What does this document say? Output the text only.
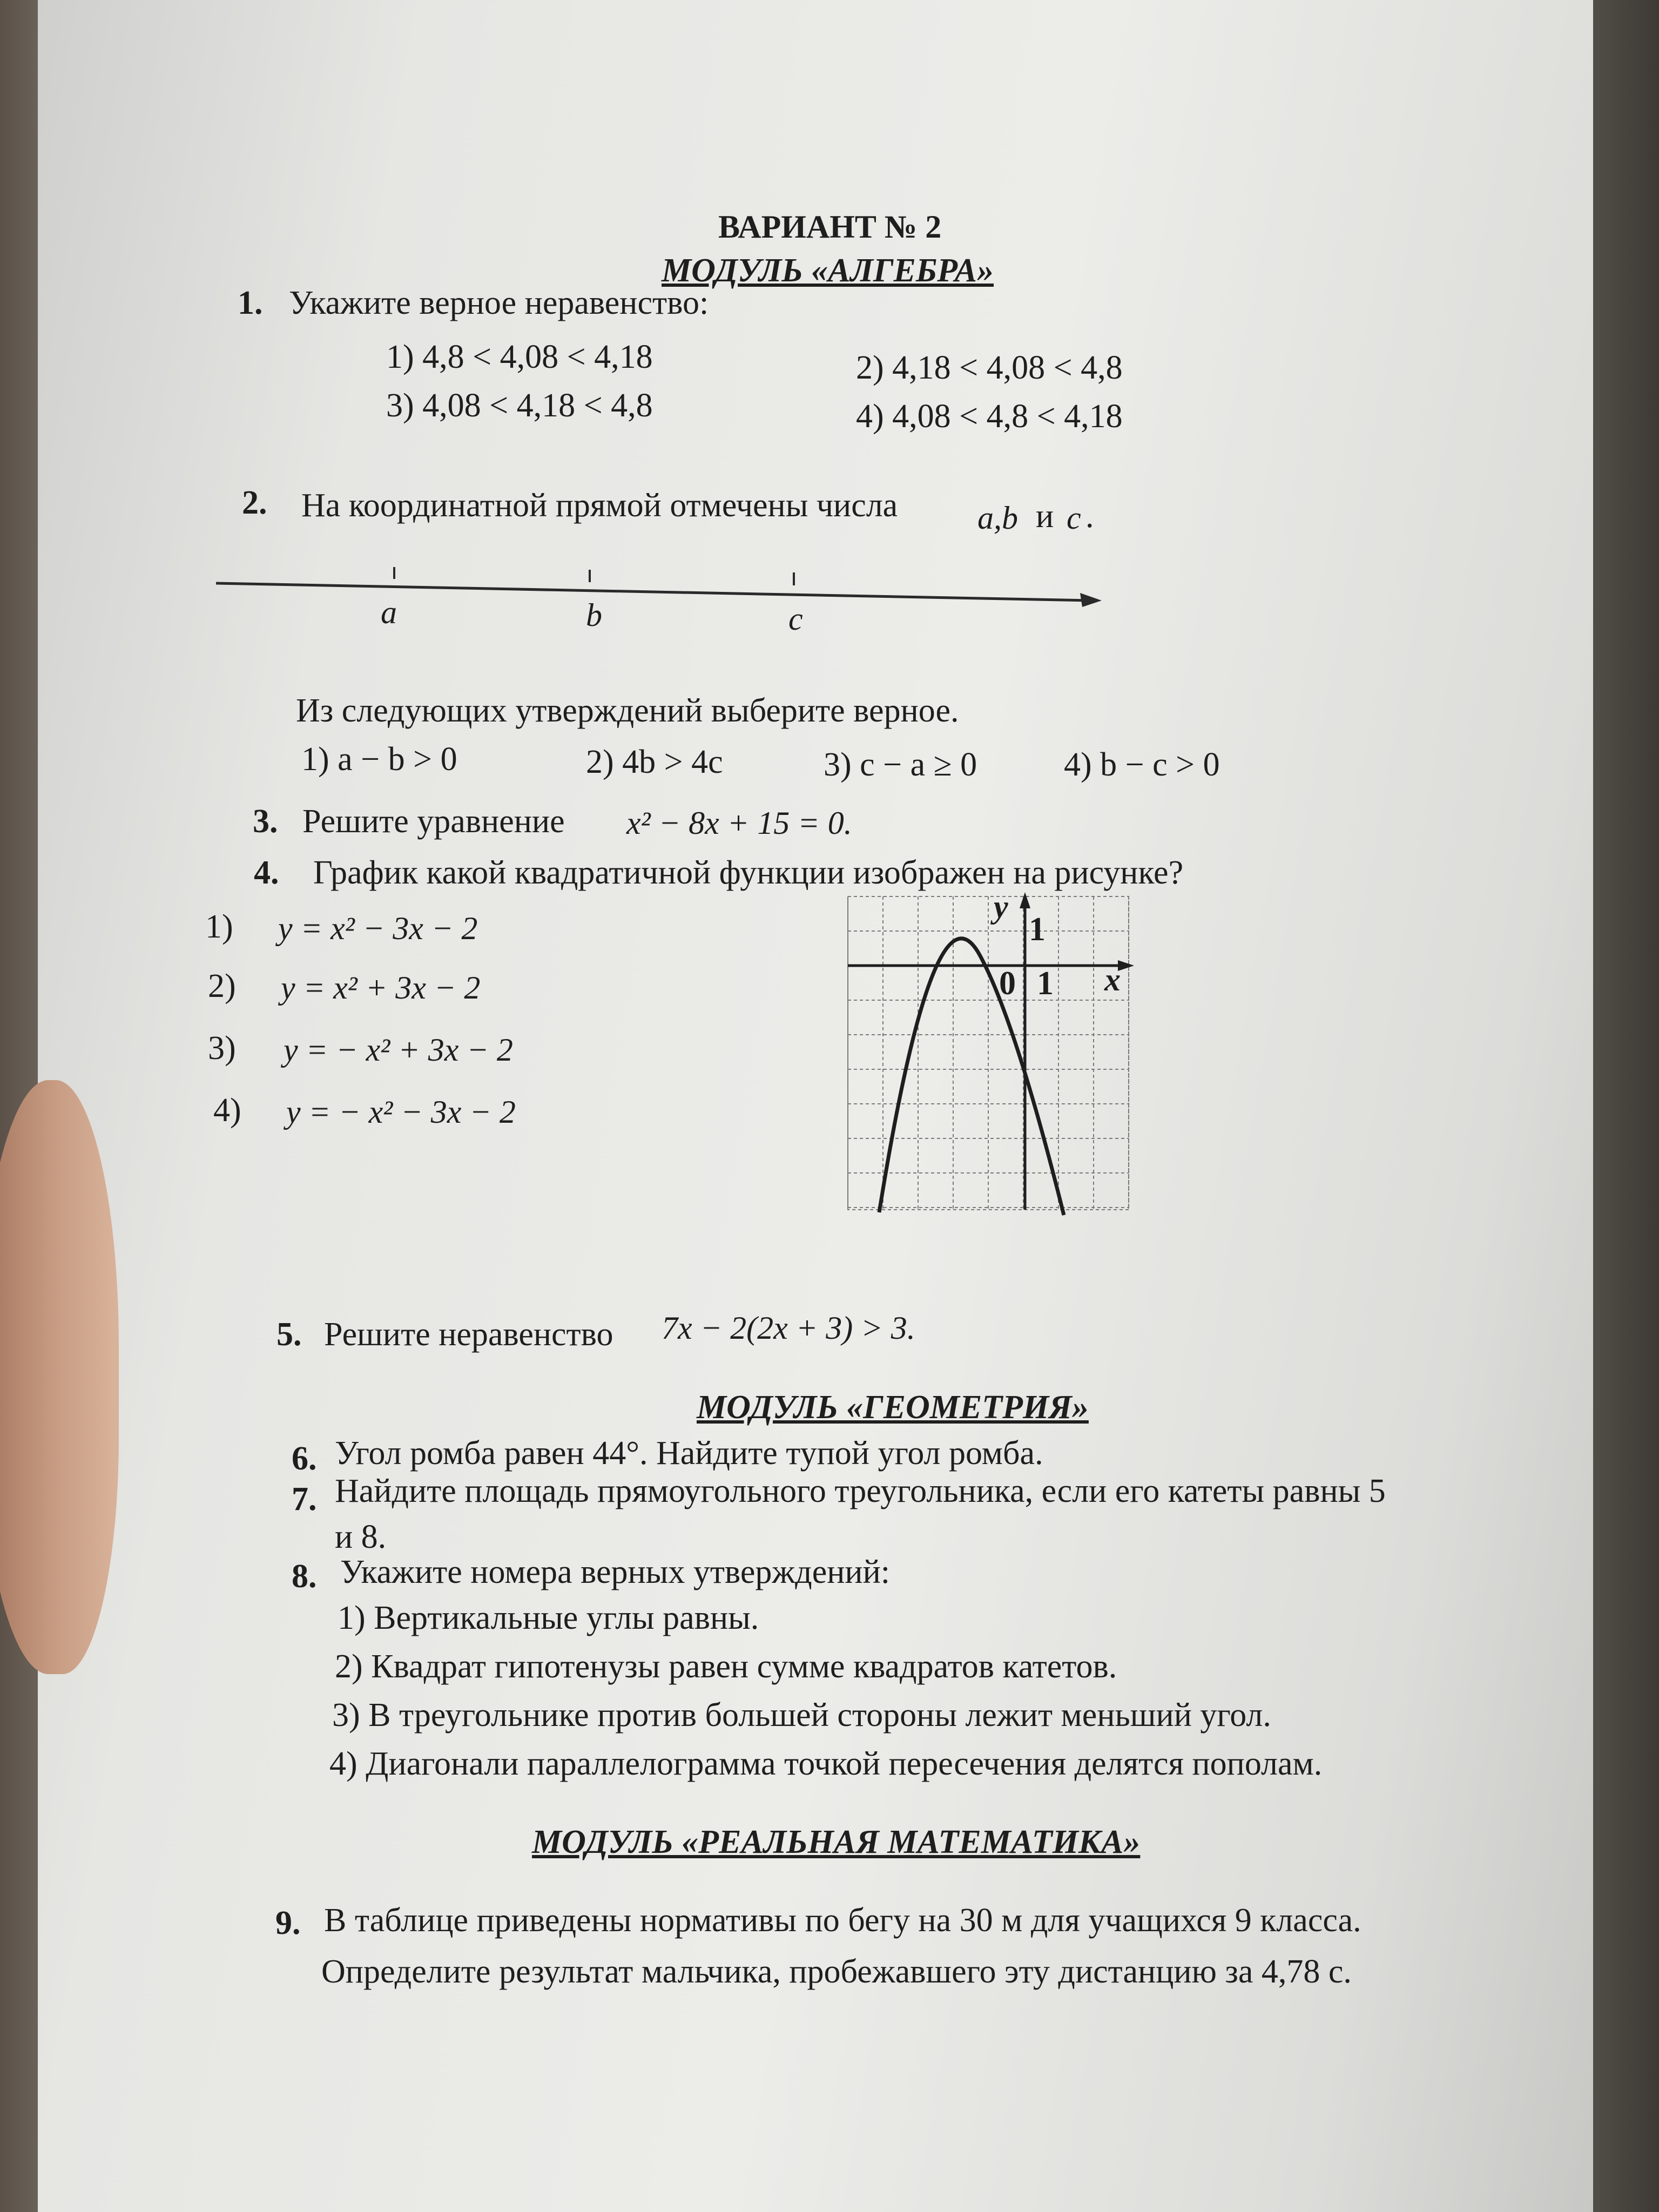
ВАРИАНТ № 2
МОДУЛЬ «АЛГЕБРА»
1. Укажите верное неравенство:
1) 4,8 < 4,08 < 4,18	2) 4,18 < 4,08 < 4,8
3) 4,08 < 4,18 < 4,8	4) 4,08 < 4,8 < 4,18
2. На координатной прямой отмечены числа a,b и c .
a	b	c
Из следующих утверждений выберите верное.
1) a − b > 0	2) 4b > 4c	3) c − a ≥ 0	4) b − c > 0
3. Решите уравнение x² − 8x + 15 = 0.
4. График какой квадратичной функции изображен на рисунке?
1) y = x² − 3x − 2
2) y = x² + 3x − 2
3) y = − x² + 3x − 2
4) y = − x² − 3x − 2
y
1
0 1 x
5. Решите неравенство 7x − 2(2x + 3) > 3.
МОДУЛЬ «ГЕОМЕТРИЯ»
6. Угол ромба равен 44°. Найдите тупой угол ромба.
7. Найдите площадь прямоугольного треугольника, если его катеты равны 5
и 8.
8. Укажите номера верных утверждений:
1) Вертикальные углы равны.
2) Квадрат гипотенузы равен сумме квадратов катетов.
3) В треугольнике против большей стороны лежит меньший угол.
4) Диагонали параллелограмма точкой пересечения делятся пополам.
МОДУЛЬ «РЕАЛЬНАЯ МАТЕМАТИКА»
9. В таблице приведены нормативы по бегу на 30 м для учащихся 9 класса.
Определите результат мальчика, пробежавшего эту дистанцию за 4,78 с.
